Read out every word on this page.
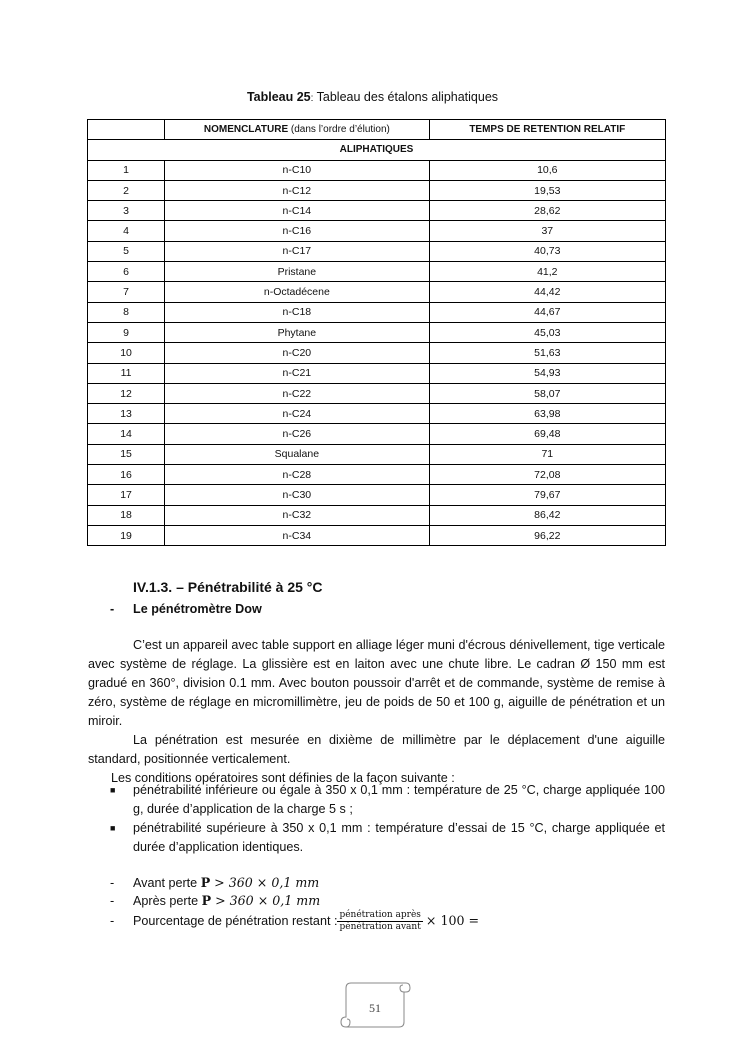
Tableau 25: Tableau des étalons aliphatiques
	NOMENCLATURE (dans l’ordre d’élution)	TEMPS DE RETENTION RELATIF
ALIPHATIQUES		
1	n-C10	10,6
2	n-C12	19,53
3	n-C14	28,62
4	n-C16	37
5	n-C17	40,73
6	Pristane	41,2
7	n-Octadécene	44,42
8	n-C18	44,67
9	Phytane	45,03
10	n-C20	51,63
11	n-C21	54,93
12	n-C22	58,07
13	n-C24	63,98
14	n-C26	69,48
15	Squalane	71
16	n-C28	72,08
17	n-C30	79,67
18	n-C32	86,42
19	n-C34	96,22
IV.1.3. – Pénétrabilité à 25 °C
- Le pénétromètre Dow

C’est un appareil avec table support en alliage léger muni d'écrous dénivellement, tige verticale avec système de réglage. La glissière est en laiton avec une chute libre. Le cadran Ø 150 mm est gradué en 360°, division 0.1 mm. Avec bouton poussoir d'arrêt et de commande, système de remise à zéro, système de réglage en micromillimètre, jeu de poids de 50 et 100 g, aiguille de pénétration et un miroir.

La pénétration est mesurée en dixième de millimètre par le déplacement d'une aiguille standard, positionnée verticalement.

Les conditions opératoires sont définies de la façon suivante :

■	pénétrabilité inférieure ou égale à 350 x 0,1 mm : température de 25 °C, charge appliquée 100 g, durée d’application de la charge 5 s ;
■	pénétrabilité supérieure à 350 x 0,1 mm : température d’essai de 15 °C, charge appliquée et durée d’application identiques.
- Avant perte P > 360 × 0,1 mm
- Après perte P > 360 × 0,1 mm
- Pourcentage de pénétration restant : $\frac{\text{pénétration après}}{\text{pénétration avant}} \times 100$ =
51
